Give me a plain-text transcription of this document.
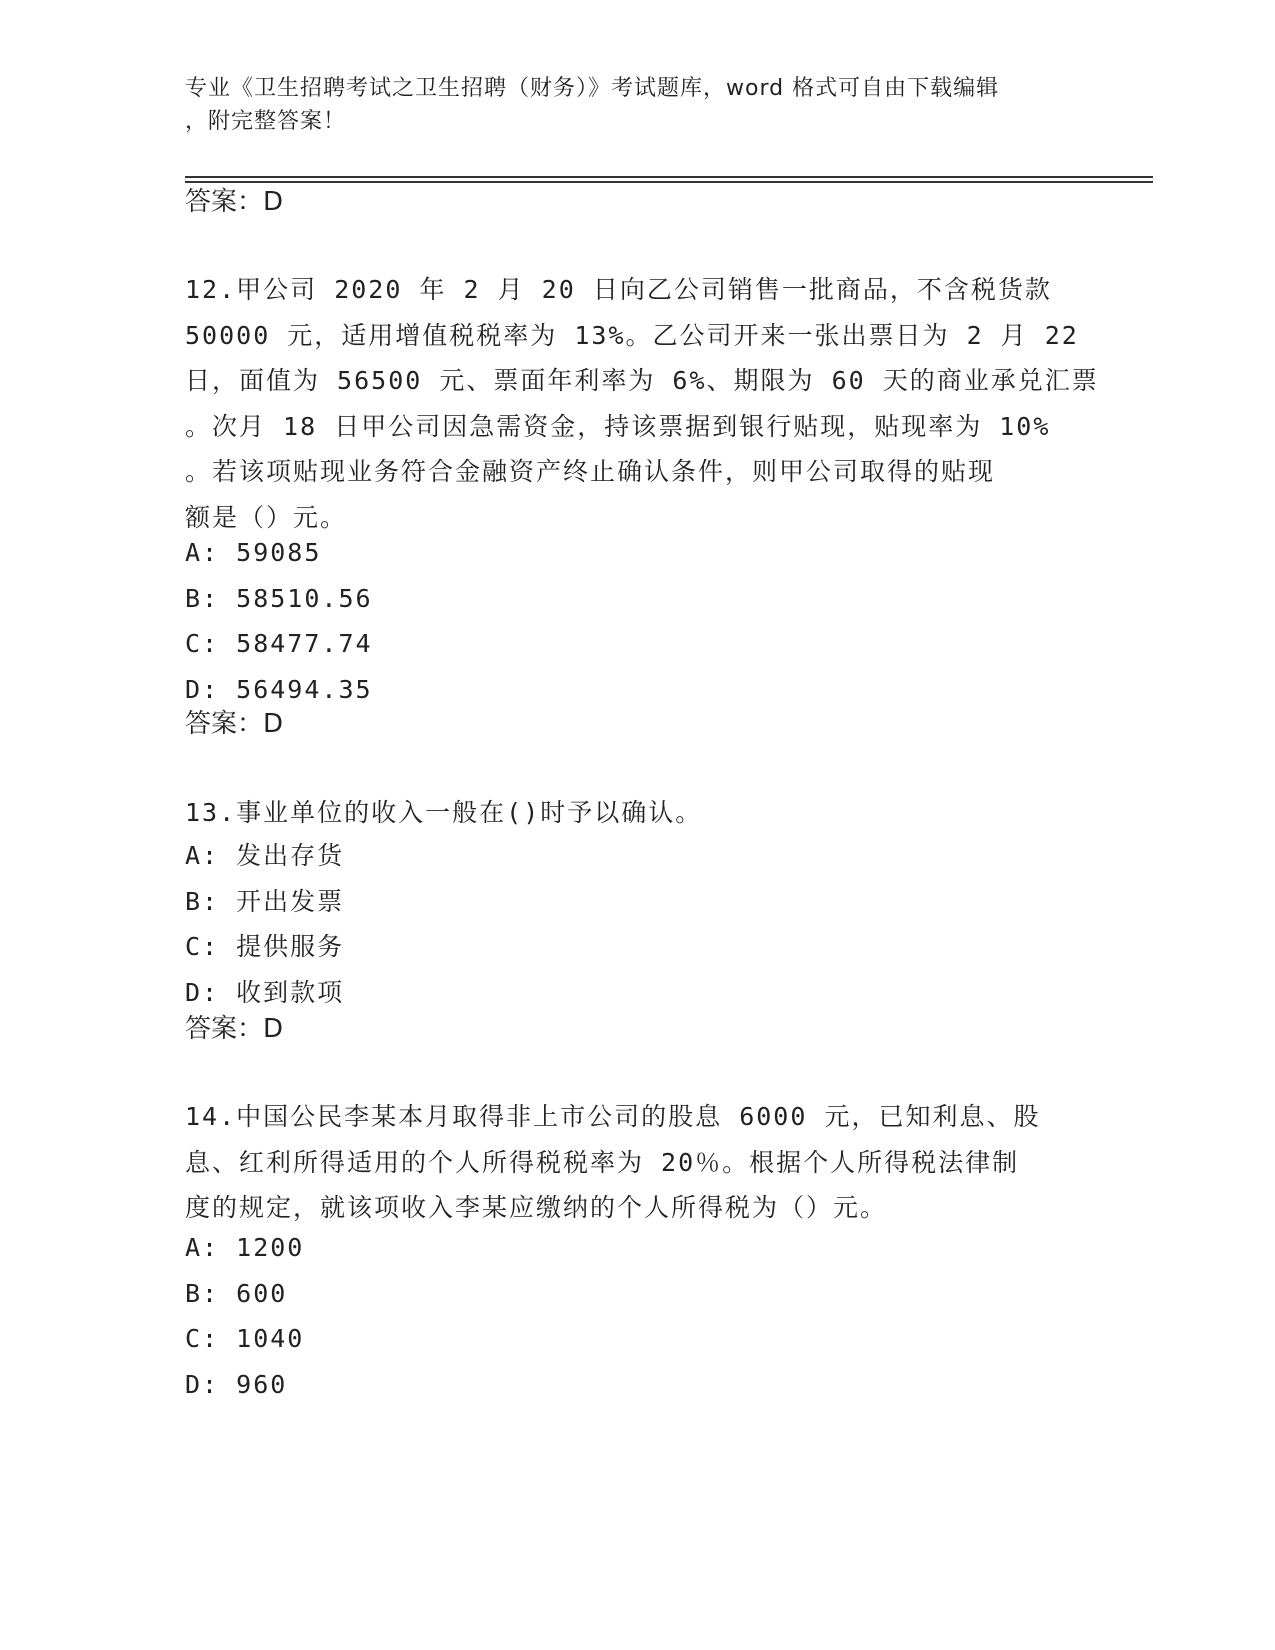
专业《卫生招聘考试之卫生招聘（财务）》考试题库，word 格式可自由下载编辑
，附完整答案！
答案：D
12.甲公司 2020 年 2 月 20 日向乙公司销售一批商品，不含税货款
50000 元，适用增值税税率为 13%。乙公司开来一张出票日为 2 月 22
日，面值为 56500 元、票面年利率为 6%、期限为 60 天的商业承兑汇票
。次月 18 日甲公司因急需资金，持该票据到银行贴现，贴现率为 10%
。若该项贴现业务符合金融资产终止确认条件，则甲公司取得的贴现
额是（）元。
A: 59085
B: 58510.56
C: 58477.74
D: 56494.35
答案：D
13.事业单位的收入一般在()时予以确认。
A: 发出存货
B: 开出发票
C: 提供服务
D: 收到款项
答案：D
14.中国公民李某本月取得非上市公司的股息 6000 元，已知利息、股
息、红利所得适用的个人所得税税率为 20％。根据个人所得税法律制
度的规定，就该项收入李某应缴纳的个人所得税为（）元。
A: 1200
B: 600
C: 1040
D: 960
